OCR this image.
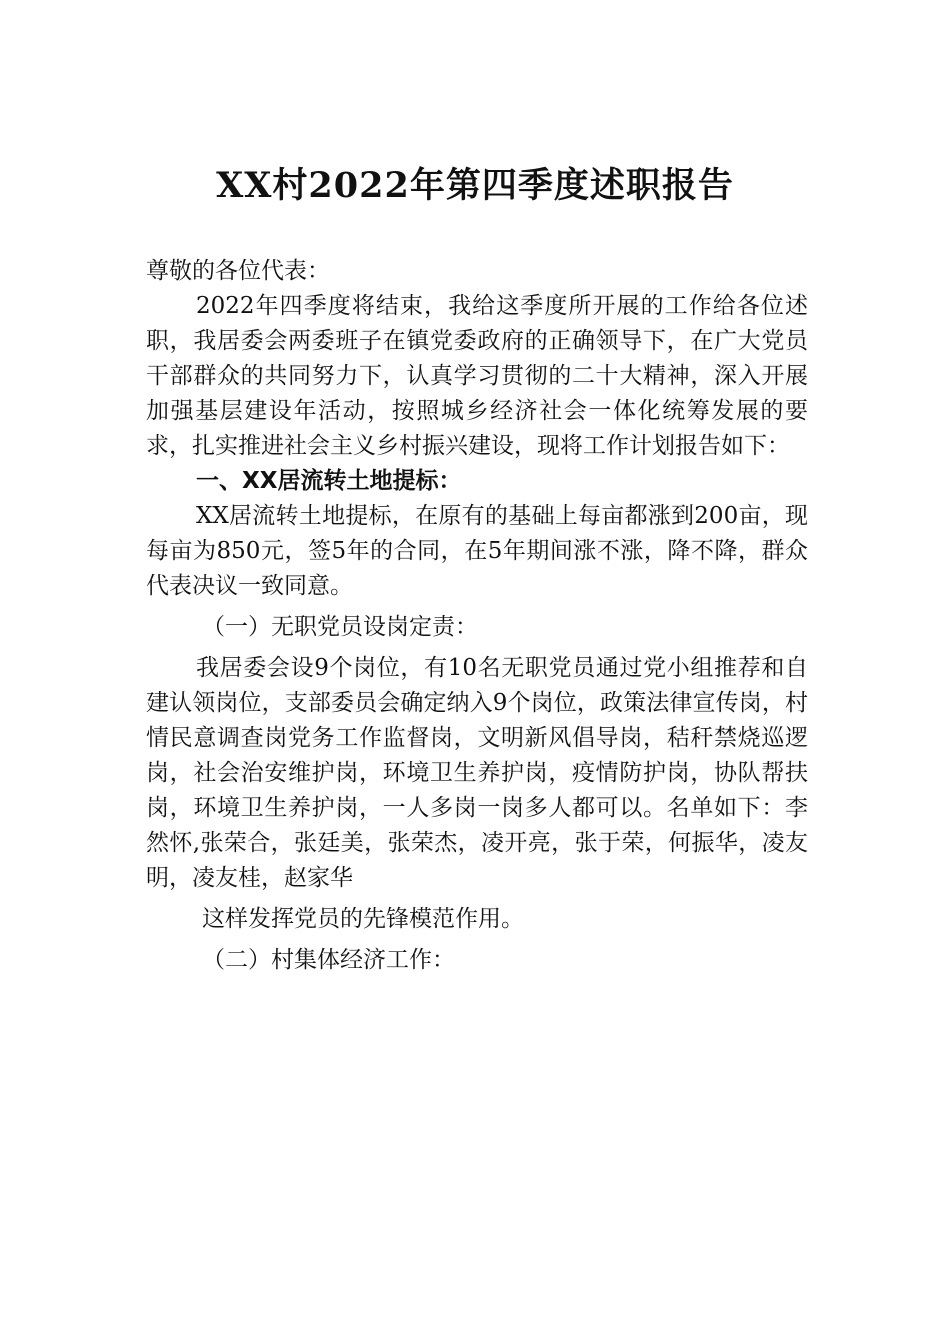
XX村2022年第四季度述职报告

尊敬的各位代表：

2022年四季度将结束，我给这季度所开展的工作给各位述职，我居委会两委班子在镇党委政府的正确领导下，在广大党员干部群众的共同努力下，认真学习贯彻的二十大精神，深入开展加强基层建设年活动，按照城乡经济社会一体化统筹发展的要求，扎实推进社会主义乡村振兴建设，现将工作计划报告如下：

一、XX居流转土地提标：

XX居流转土地提标，在原有的基础上每亩都涨到200亩，现每亩为850元，签5年的合同，在5年期间涨不涨，降不降，群众代表决议一致同意。

（一）无职党员设岗定责：

我居委会设9个岗位，有10名无职党员通过党小组推荐和自建认领岗位，支部委员会确定纳入9个岗位，政策法律宣传岗，村情民意调查岗党务工作监督岗，文明新风倡导岗，秸秆禁烧巡逻岗，社会治安维护岗，环境卫生养护岗，疫情防护岗，协队帮扶岗，环境卫生养护岗，一人多岗一岗多人都可以。名单如下：李然怀,张荣合，张廷美，张荣杰，凌开亮，张于荣，何振华，凌友明，凌友桂，赵家华

这样发挥党员的先锋模范作用。

（二）村集体经济工作：
